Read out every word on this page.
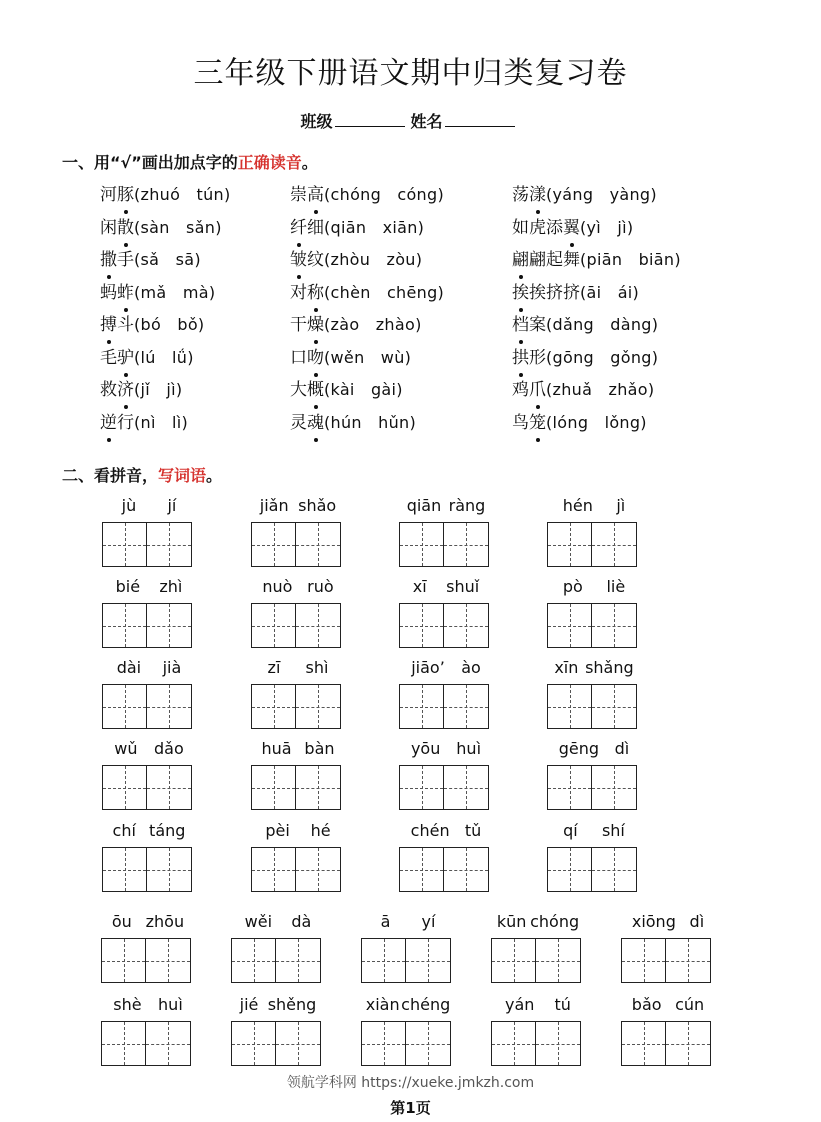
三年级下册语文期中归类复习卷
班级	姓名
一、用“√”画出加点字的正确读音。
河豚(zhuó　tún)	崇高(chóng　cóng)	荡漾(yáng　yàng)
闲散(sàn　sǎn)	纤细(qiān　xiān)	如虎添翼(yì　jì)
撒手(sǎ　sā)	皱纹(zhòu　zòu)	翩翩起舞(piān　biān)
蚂蚱(mǎ　mà)	对称(chèn　chēng)	挨挨挤挤(āi　ái)
搏斗(bó　bǒ)	干燥(zào　zhào)	档案(dǎng　dàng)
毛驴(lú　lǘ)	口吻(wěn　wù)	拱形(gōng　gǒng)
救济(jǐ　jì)	大概(kài　gài)	鸡爪(zhuǎ　zhǎo)
逆行(nì　lì)	灵魂(hún　hǔn)	鸟笼(lóng　lǒng)
二、看拼音，写词语。
jù jí	jiǎn shǎo	qiān ràng	hén jì
bié zhì	nuò ruò	xī shuǐ	pò liè
dài jià	zī shì	jiāo’ ào	xīn shǎng
wǔ dǎo	huā bàn	yōu huì	gēng dì
chí táng	pèi hé	chén tǔ	qí shí
ōu zhōu	wěi dà	ā yí	kūn chóng	xiōng dì
shè huì	jié shěng	xiàn chéng	yán tú	bǎo cún
领航学科网 https://xueke.jmkzh.com
第1页
